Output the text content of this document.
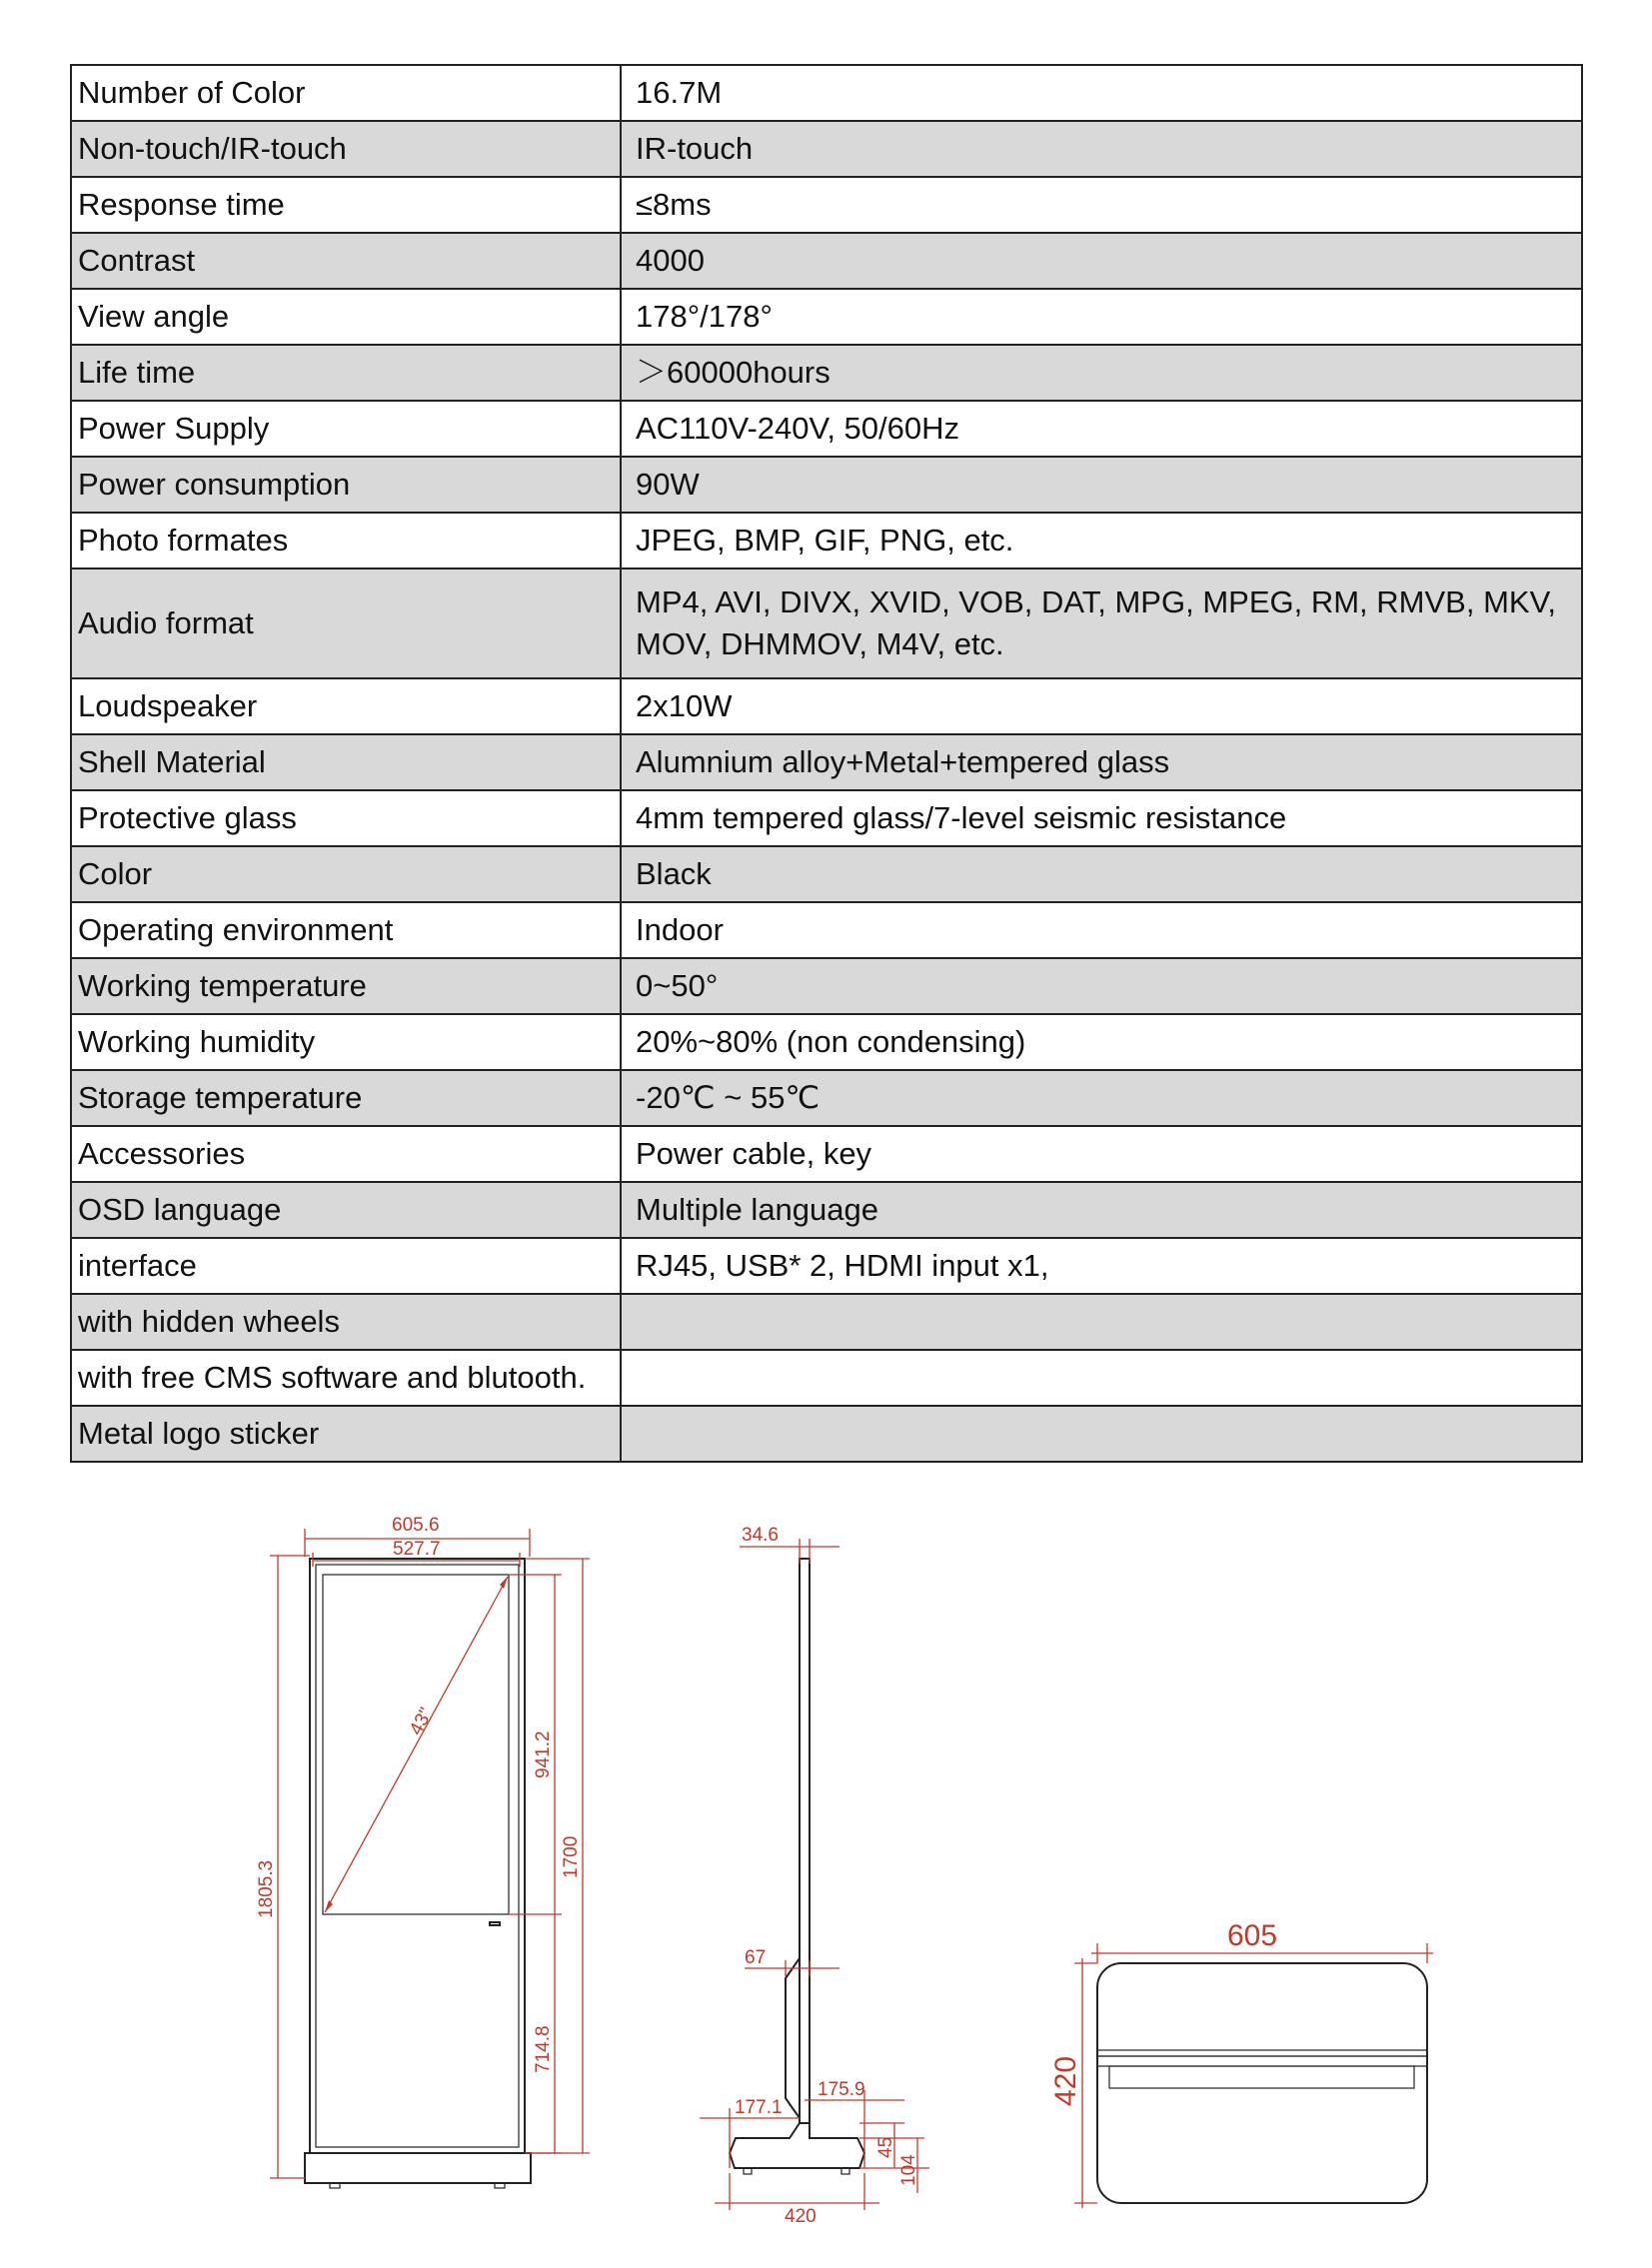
Number of Color	16.7M
Non-touch/IR-touch	IR-touch
Response time	≤8ms
Contrast	4000
View angle	178°/178°
Life time	＞60000hours
Power Supply	AC110V-240V, 50/60Hz
Power consumption	90W
Photo formates	JPEG, BMP, GIF, PNG, etc.
Audio format	MP4, AVI, DIVX, XVID, VOB, DAT, MPG, MPEG, RM, RMVB, MKV, MOV, DHMMOV, M4V, etc.
Loudspeaker	2x10W
Shell Material	Alumnium alloy+Metal+tempered glass
Protective glass	4mm tempered glass/7-level seismic resistance
Color	Black
Operating environment	Indoor
Working temperature	0~50°
Working humidity	20%~80% (non condensing)
Storage temperature	-20℃ ~ 55℃
Accessories	Power cable, key
OSD language	Multiple language
interface	RJ45, USB* 2, HDMI input x1,
with hidden wheels	
with free CMS software and blutooth.	
Metal logo sticker	
605.6
527.7
43"
1805.3
941.2
1700
714.8
34.6
67
175.9
177.1
45
104
420
605
420
